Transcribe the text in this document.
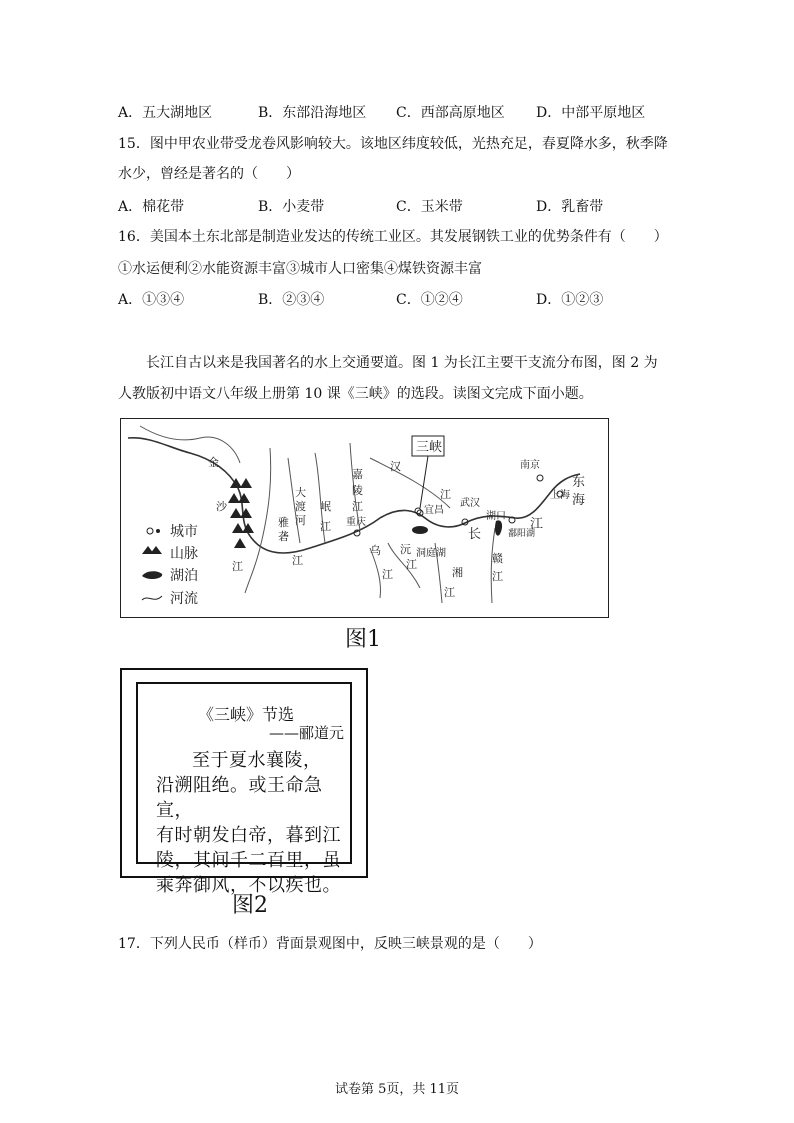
A．五大湖地区	B．东部沿海地区 C．西部高原地区 D．中部平原地区
15．图中甲农业带受龙卷风影响较大。该地区纬度较低，光热充足，春夏降水多，秋季降
水少，曾经是著名的（　　）
A．棉花带	B．小麦带	C．玉米带	D．乳畜带
16．美国本土东北部是制造业发达的传统工业区。其发展钢铁工业的优势条件有（　　）
①水运便利②水能资源丰富③城市人口密集④煤铁资源丰富
A．①③④	B．②③④	C．①②④	D．①②③
长江自古以来是我国著名的水上交通要道。图 1 为长江主要干支流分布图，图 2 为
人教版初中语文八年级上册第 10 课《三峡》的选段。读图文完成下面小题。
三峡
金
沙
江
大
渡
河
雅
砻
江
岷
江
嘉
陵
江
重庆
汉
江
宜昌
武汉
南京
上海
东
海
长
江
湖口
鄱阳湖
洞庭湖
乌
江
沅
江
湘
江
赣
江
城市
山脉
湖泊
河流
图1
《三峡》节选
——郦道元
至于夏水襄陵，
沿溯阻绝。或王命急宣，
有时朝发白帝，暮到江
陵，其间千二百里，虽
乘奔御风，不以疾也。
图2
17．下列人民币（样币）背面景观图中，反映三峡景观的是（　　）
试卷第 5页，共 11页
